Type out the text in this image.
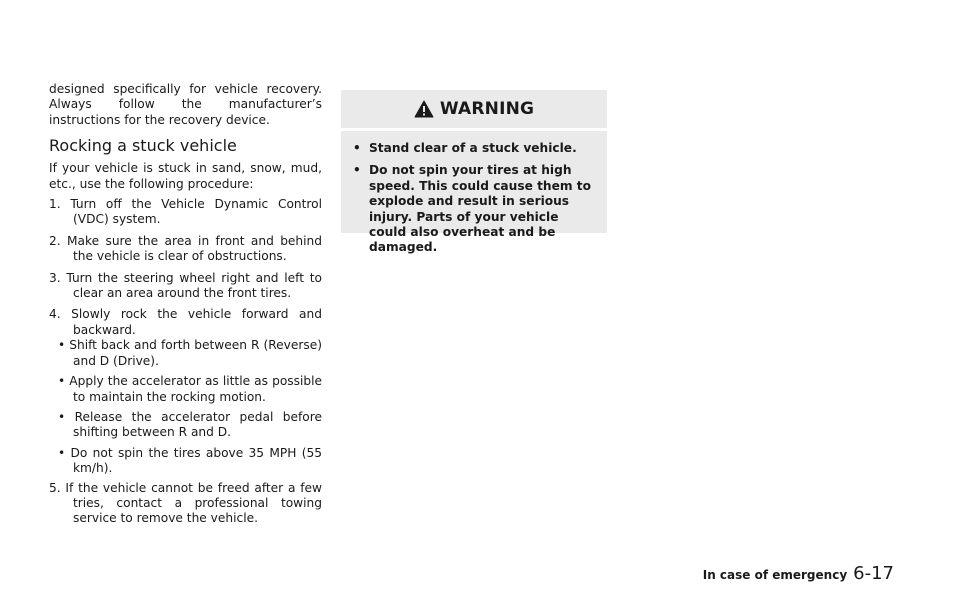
designed specifically for vehicle recovery. Always follow the manufacturer’s instructions for the recovery device.

Rocking a stuck vehicle

If your vehicle is stuck in sand, snow, mud, etc., use the following procedure:

1. Turn off the Vehicle Dynamic Control (VDC) system.
2. Make sure the area in front and behind the vehicle is clear of obstructions.
3. Turn the steering wheel right and left to clear an area around the front tires.
4. Slowly rock the vehicle forward and backward.
• Shift back and forth between R (Reverse) and D (Drive).
• Apply the accelerator as little as possible to maintain the rocking motion.
• Release the accelerator pedal before shifting between R and D.
• Do not spin the tires above 35 MPH (55 km/h).
5. If the vehicle cannot be freed after a few tries, contact a professional towing service to remove the vehicle.
WARNING
• Stand clear of a stuck vehicle.
• Do not spin your tires at high speed. This could cause them to explode and result in serious injury. Parts of your vehicle could also overheat and be damaged.
In case of emergency 6-17
